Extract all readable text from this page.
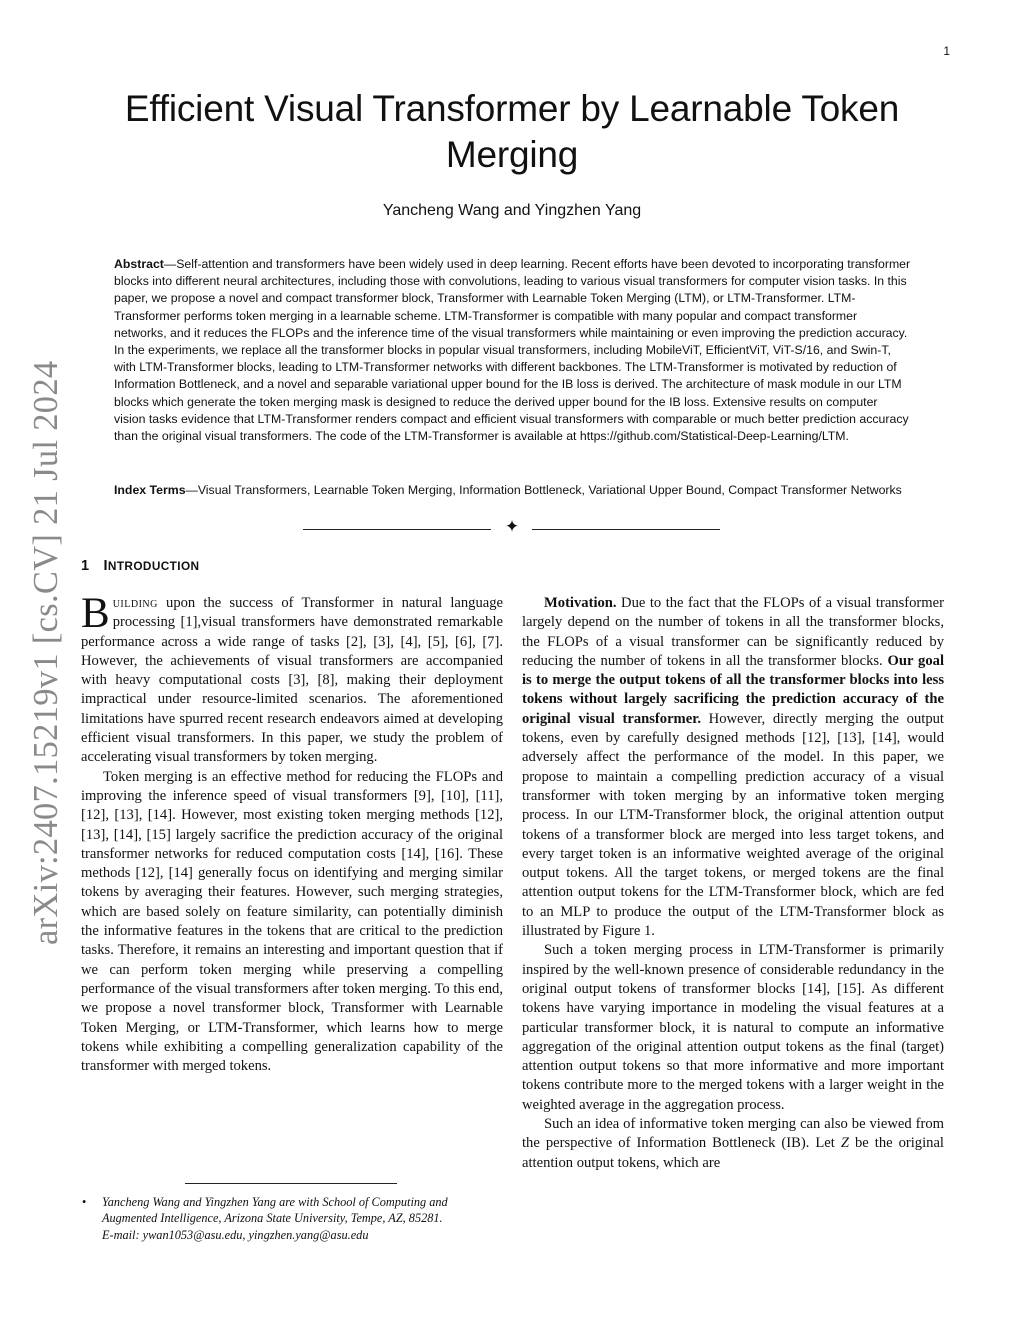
1
arXiv:2407.15219v1 [cs.CV] 21 Jul 2024
Efficient Visual Transformer by Learnable Token Merging
Yancheng Wang and Yingzhen Yang

Abstract—Self-attention and transformers have been widely used in deep learning. Recent efforts have been devoted to incorporating transformer blocks into different neural architectures, including those with convolutions, leading to various visual transformers for computer vision tasks. In this paper, we propose a novel and compact transformer block, Transformer with Learnable Token Merging (LTM), or LTM-Transformer. LTM-Transformer performs token merging in a learnable scheme. LTM-Transformer is compatible with many popular and compact transformer networks, and it reduces the FLOPs and the inference time of the visual transformers while maintaining or even improving the prediction accuracy. In the experiments, we replace all the transformer blocks in popular visual transformers, including MobileViT, EfficientViT, ViT-S/16, and Swin-T, with LTM-Transformer blocks, leading to LTM-Transformer networks with different backbones. The LTM-Transformer is motivated by reduction of Information Bottleneck, and a novel and separable variational upper bound for the IB loss is derived. The architecture of mask module in our LTM blocks which generate the token merging mask is designed to reduce the derived upper bound for the IB loss. Extensive results on computer vision tasks evidence that LTM-Transformer renders compact and efficient visual transformers with comparable or much better prediction accuracy than the original visual transformers. The code of the LTM-Transformer is available at https://github.com/Statistical-Deep-Learning/LTM.

Index Terms—Visual Transformers, Learnable Token Merging, Information Bottleneck, Variational Upper Bound, Compact Transformer Networks

✦
1 INTRODUCTION

Building upon the success of Transformer in natural language processing [1],visual transformers have demonstrated remarkable performance across a wide range of tasks [2], [3], [4], [5], [6], [7]. However, the achievements of visual transformers are accompanied with heavy computational costs [3], [8], making their deployment impractical under resource-limited scenarios. The aforementioned limitations have spurred recent research endeavors aimed at developing efficient visual transformers. In this paper, we study the problem of accelerating visual transformers by token merging.

Token merging is an effective method for reducing the FLOPs and improving the inference speed of visual transformers [9], [10], [11], [12], [13], [14]. However, most existing token merging methods [12], [13], [14], [15] largely sacrifice the prediction accuracy of the original transformer networks for reduced computation costs [14], [16]. These methods [12], [14] generally focus on identifying and merging similar tokens by averaging their features. However, such merging strategies, which are based solely on feature similarity, can potentially diminish the informative features in the tokens that are critical to the prediction tasks. Therefore, it remains an interesting and important question that if we can perform token merging while preserving a compelling performance of the visual transformers after token merging. To this end, we propose a novel transformer block, Transformer with Learnable Token Merging, or LTM-Transformer, which learns how to merge tokens while exhibiting a compelling generalization capability of the transformer with merged tokens.

• Yancheng Wang and Yingzhen Yang are with School of Computing and
Augmented Intelligence, Arizona State University, Tempe, AZ, 85281.
E-mail: ywan1053@asu.edu, yingzhen.yang@asu.edu

Motivation. Due to the fact that the FLOPs of a visual transformer largely depend on the number of tokens in all the transformer blocks, the FLOPs of a visual transformer can be significantly reduced by reducing the number of tokens in all the transformer blocks. Our goal is to merge the output tokens of all the transformer blocks into less tokens without largely sacrificing the prediction accuracy of the original visual transformer. However, directly merging the output tokens, even by carefully designed methods [12], [13], [14], would adversely affect the performance of the model. In this paper, we propose to maintain a compelling prediction accuracy of a visual transformer with token merging by an informative token merging process. In our LTM-Transformer block, the original attention output tokens of a transformer block are merged into less target tokens, and every target token is an informative weighted average of the original output tokens. All the target tokens, or merged tokens are the final attention output tokens for the LTM-Transformer block, which are fed to an MLP to produce the output of the LTM-Transformer block as illustrated by Figure 1.

Such a token merging process in LTM-Transformer is primarily inspired by the well-known presence of considerable redundancy in the original output tokens of transformer blocks [14], [15]. As different tokens have varying importance in modeling the visual features at a particular transformer block, it is natural to compute an informative aggregation of the original attention output tokens as the final (target) attention output tokens so that more informative and more important tokens contribute more to the merged tokens with a larger weight in the weighted average in the aggregation process.

Such an idea of informative token merging can also be viewed from the perspective of Information Bottleneck (IB). Let Z be the original attention output tokens, which are
